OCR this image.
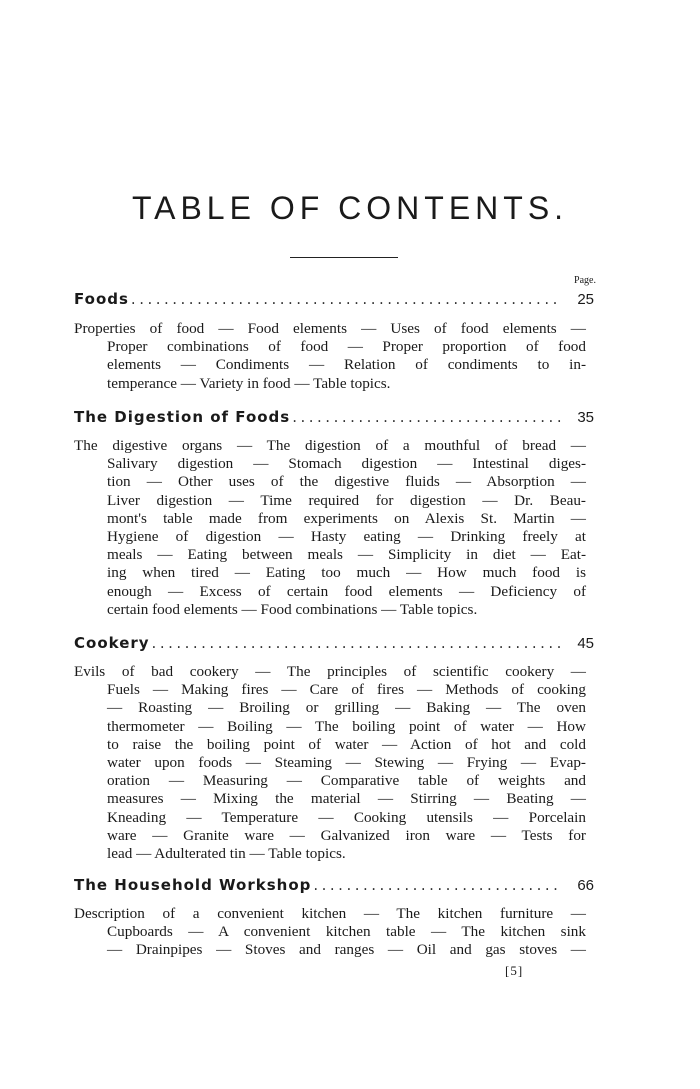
TABLE OF CONTENTS.
Page.
Foods .....	25
Properties of food — Food elements — Uses of food elements —
Proper combinations of food — Proper proportion of food
elements — Condiments — Relation of condiments to in-
temperance — Variety in food — Table topics.
The Digestion of Foods .....	35
The digestive organs — The digestion of a mouthful of bread —
Salivary digestion — Stomach digestion — Intestinal diges-
tion — Other uses of the digestive fluids — Absorption —
Liver digestion — Time required for digestion — Dr. Beau-
mont's table made from experiments on Alexis St. Martin —
Hygiene of digestion — Hasty eating — Drinking freely at
meals — Eating between meals — Simplicity in diet — Eat-
ing when tired — Eating too much — How much food is
enough — Excess of certain food elements — Deficiency of
certain food elements — Food combinations — Table topics.
Cookery .....	45
Evils of bad cookery — The principles of scientific cookery —
Fuels — Making fires — Care of fires — Methods of cooking
— Roasting — Broiling or grilling — Baking — The oven
thermometer — Boiling — The boiling point of water — How
to raise the boiling point of water — Action of hot and cold
water upon foods — Steaming — Stewing — Frying — Evap-
oration — Measuring — Comparative table of weights and
measures — Mixing the material — Stirring — Beating —
Kneading — Temperature — Cooking utensils — Porcelain
ware — Granite ware — Galvanized iron ware — Tests for
lead — Adulterated tin — Table topics.
The Household Workshop .....	66
Description of a convenient kitchen — The kitchen furniture —
Cupboards — A convenient kitchen table — The kitchen sink
— Drainpipes — Stoves and ranges — Oil and gas stoves —
[5]
